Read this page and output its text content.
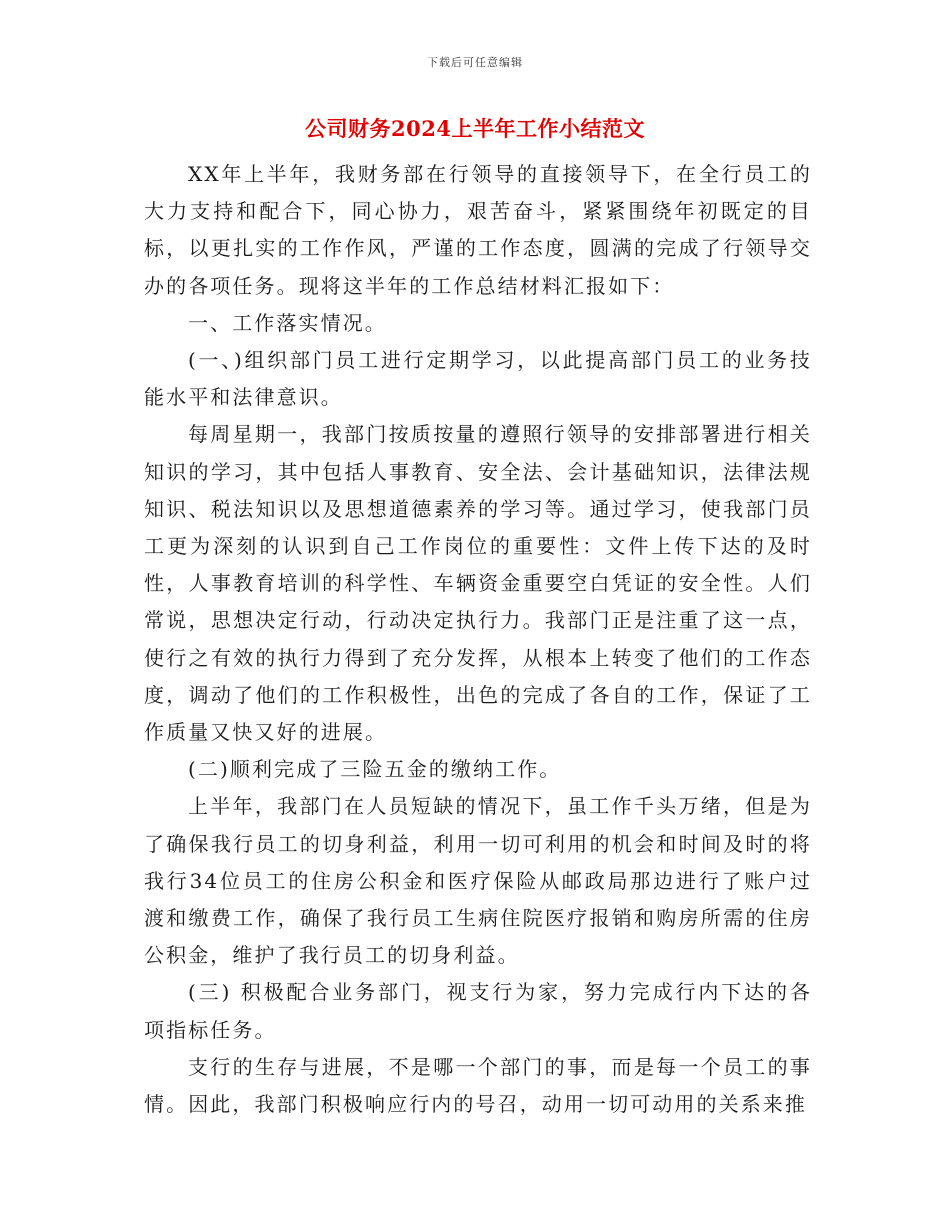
下载后可任意编辑
公司财务2024上半年工作小结范文

XX年上半年，我财务部在行领导的直接领导下，在全行员工的大力支持和配合下，同心协力，艰苦奋斗，紧紧围绕年初既定的目标，以更扎实的工作作风，严谨的工作态度，圆满的完成了行领导交办的各项任务。现将这半年的工作总结材料汇报如下：

一、工作落实情况。

(一、)组织部门员工进行定期学习，以此提高部门员工的业务技能水平和法律意识。

每周星期一，我部门按质按量的遵照行领导的安排部署进行相关知识的学习，其中包括人事教育、安全法、会计基础知识，法律法规知识、税法知识以及思想道德素养的学习等。通过学习，使我部门员工更为深刻的认识到自己工作岗位的重要性：文件上传下达的及时性，人事教育培训的科学性、车辆资金重要空白凭证的安全性。人们常说，思想决定行动，行动决定执行力。我部门正是注重了这一点，使行之有效的执行力得到了充分发挥，从根本上转变了他们的工作态度，调动了他们的工作积极性，出色的完成了各自的工作，保证了工作质量又快又好的进展。

(二)顺利完成了三险五金的缴纳工作。

上半年，我部门在人员短缺的情况下，虽工作千头万绪，但是为了确保我行员工的切身利益，利用一切可利用的机会和时间及时的将我行34位员工的住房公积金和医疗保险从邮政局那边进行了账户过渡和缴费工作，确保了我行员工生病住院医疗报销和购房所需的住房公积金，维护了我行员工的切身利益。

(三) 积极配合业务部门，视支行为家，努力完成行内下达的各项指标任务。

支行的生存与进展，不是哪一个部门的事，而是每一个员工的事情。因此，我部门积极响应行内的号召，动用一切可动用的关系来推
